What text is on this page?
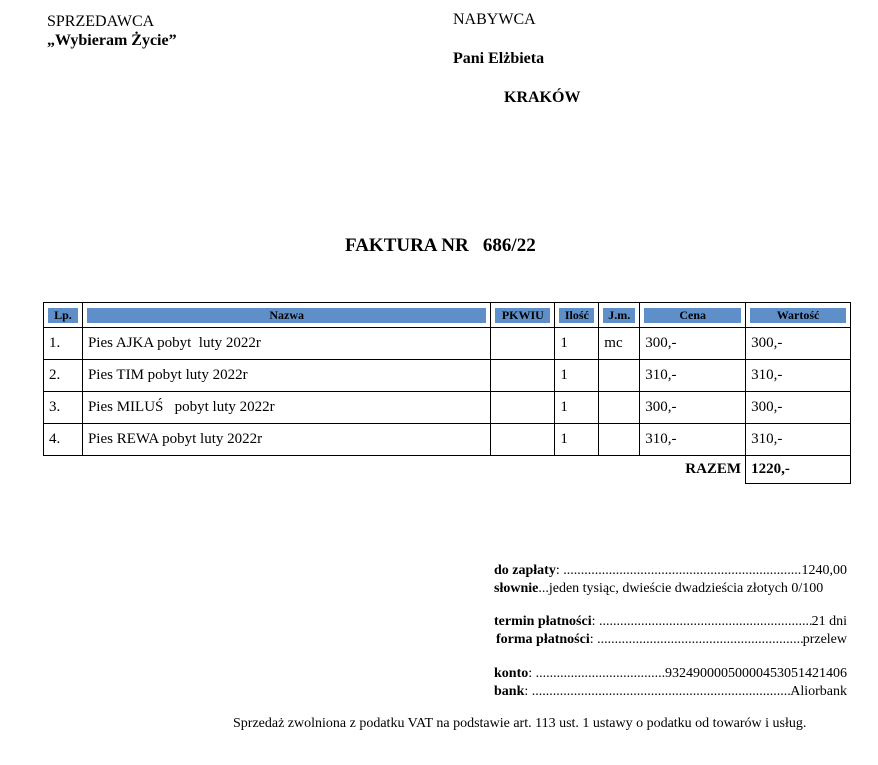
SPRZEDAWCA
„Wybieram Życie”
NABYWCA
Pani Elżbieta
KRAKÓW
FAKTURA NR   686/22
Lp.	Nazwa	PKWIU	Ilość	J.m.	Cena	Wartość

1.	Pies AJKA pobyt  luty 2022r		1	mc	300,-	300,-
2.	Pies TIM pobyt luty 2022r		1		310,-	310,-
3.	Pies MILUŚ   pobyt luty 2022r		1		300,-	300,-
4.	Pies REWA pobyt luty 2022r		1		310,-	310,-
RAZEM						1220,-
do zapłaty : .....	1240,00
słownie ...jeden tysiąc, dwieście dwadzieścia złotych 0/100
termin płatności : .....	21 dni
forma płatności : .....	przelew
konto : .....	93249000050000453051421406
bank : .....	Aliorbank
Sprzedaż zwolniona z podatku VAT na podstawie art. 113 ust. 1 ustawy o podatku od towarów i usług.
